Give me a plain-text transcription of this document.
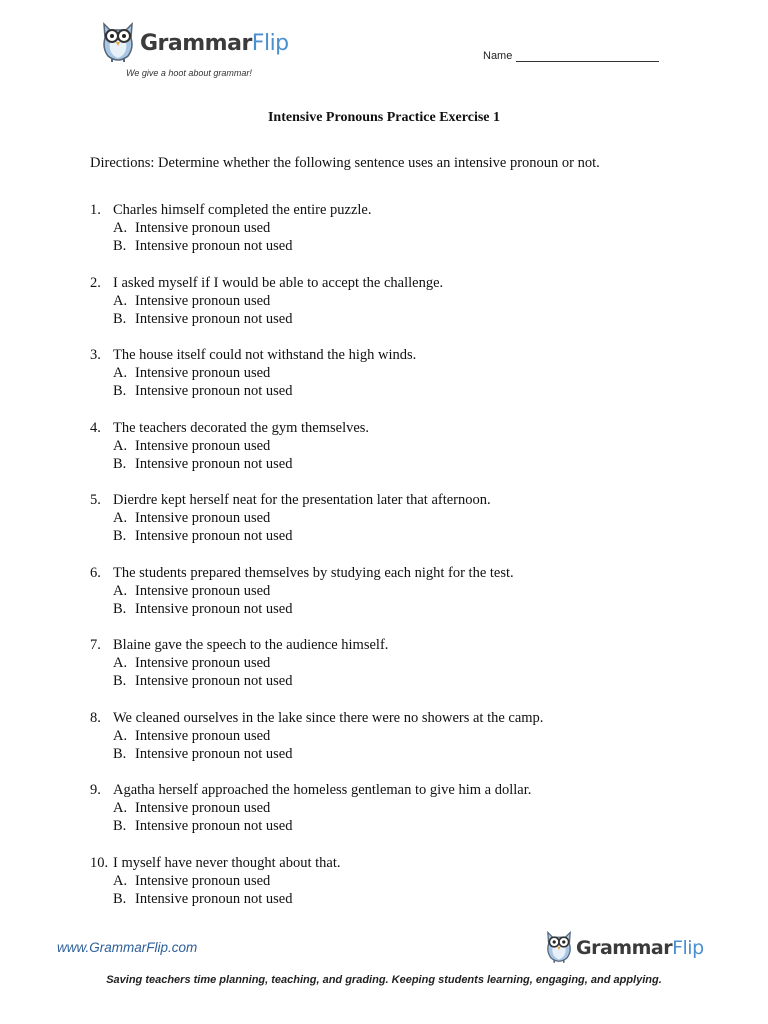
GrammarFlip
We give a hoot about grammar!
Name
Intensive Pronouns Practice Exercise 1
Directions: Determine whether the following sentence uses an intensive pronoun or not.
1. Charles himself completed the entire puzzle.
A. Intensive pronoun used
B. Intensive pronoun not used
2. I asked myself if I would be able to accept the challenge.
A. Intensive pronoun used
B. Intensive pronoun not used
3. The house itself could not withstand the high winds.
A. Intensive pronoun used
B. Intensive pronoun not used
4. The teachers decorated the gym themselves.
A. Intensive pronoun used
B. Intensive pronoun not used
5. Dierdre kept herself neat for the presentation later that afternoon.
A. Intensive pronoun used
B. Intensive pronoun not used
6. The students prepared themselves by studying each night for the test.
A. Intensive pronoun used
B. Intensive pronoun not used
7. Blaine gave the speech to the audience himself.
A. Intensive pronoun used
B. Intensive pronoun not used
8. We cleaned ourselves in the lake since there were no showers at the camp.
A. Intensive pronoun used
B. Intensive pronoun not used
9. Agatha herself approached the homeless gentleman to give him a dollar.
A. Intensive pronoun used
B. Intensive pronoun not used
10. I myself have never thought about that.
A. Intensive pronoun used
B. Intensive pronoun not used
www.GrammarFlip.com	GrammarFlip
Saving teachers time planning, teaching, and grading. Keeping students learning, engaging, and applying.
